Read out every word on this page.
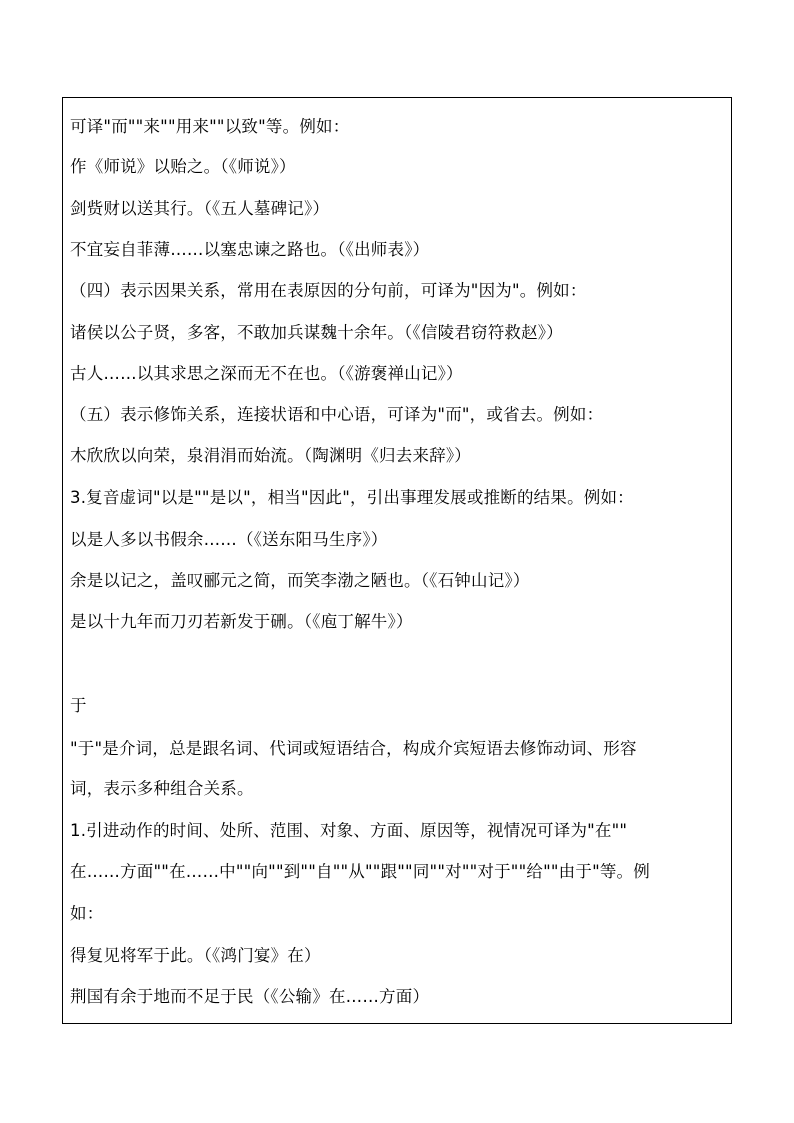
可译"而""来""用来""以致"等。例如：
作《师说》以贻之。（《师说》）
剑赀财以送其行。（《五人墓碑记》）
不宜妄自菲薄……以塞忠谏之路也。（《出师表》）
（四）表示因果关系，常用在表原因的分句前，可译为"因为"。例如：
诸侯以公子贤，多客，不敢加兵谋魏十余年。（《信陵君窃符救赵》）
古人……以其求思之深而无不在也。（《游褒禅山记》）
（五）表示修饰关系，连接状语和中心语，可译为"而"，或省去。例如：
木欣欣以向荣，泉涓涓而始流。（陶渊明《归去来辞》）
3.复音虚词"以是""是以"，相当"因此"，引出事理发展或推断的结果。例如：
以是人多以书假余……（《送东阳马生序》）
余是以记之，盖叹郦元之简，而笑李渤之陋也。（《石钟山记》）
是以十九年而刀刃若新发于硎。（《庖丁解牛》）
于
"于"是介词，总是跟名词、代词或短语结合，构成介宾短语去修饰动词、形容
词，表示多种组合关系。
1.引进动作的时间、处所、范围、对象、方面、原因等，视情况可译为"在""
在……方面""在……中""向""到""自""从""跟""同""对""对于""给""由于"等。例
如：
得复见将军于此。（《鸿门宴》在）
荆国有余于地而不足于民（《公输》在……方面）
